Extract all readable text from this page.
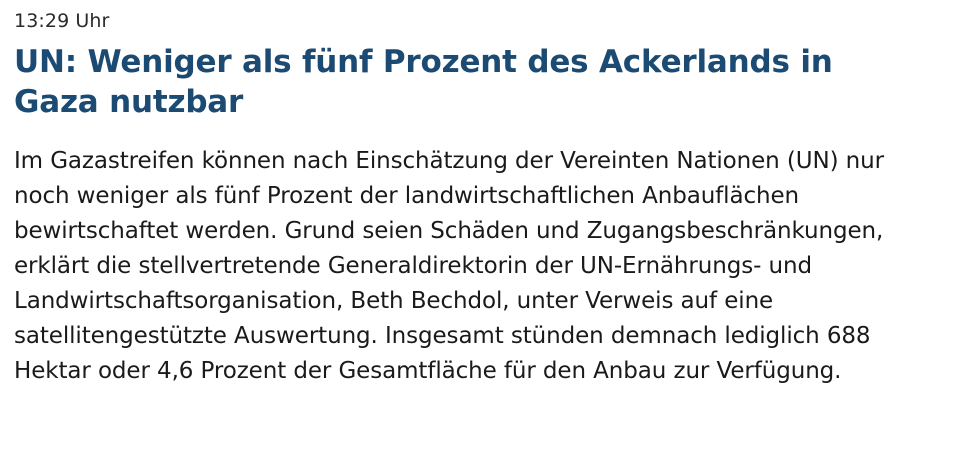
13:29 Uhr
UN: Weniger als fünf Prozent des Ackerlands in Gaza nutzbar

Im Gazastreifen können nach Einschätzung der Vereinten Nationen (UN) nur noch weniger als fünf Prozent der landwirtschaftlichen Anbauflächen bewirtschaftet werden. Grund seien Schäden und Zugangsbeschränkungen, erklärt die stellvertretende Generaldirektorin der UN-Ernährungs- und Landwirtschaftsorganisation, Beth Bechdol, unter Verweis auf eine satellitengestützte Auswertung. Insgesamt stünden demnach lediglich 688 Hektar oder 4,6 Prozent der Gesamtfläche für den Anbau zur Verfügung.
